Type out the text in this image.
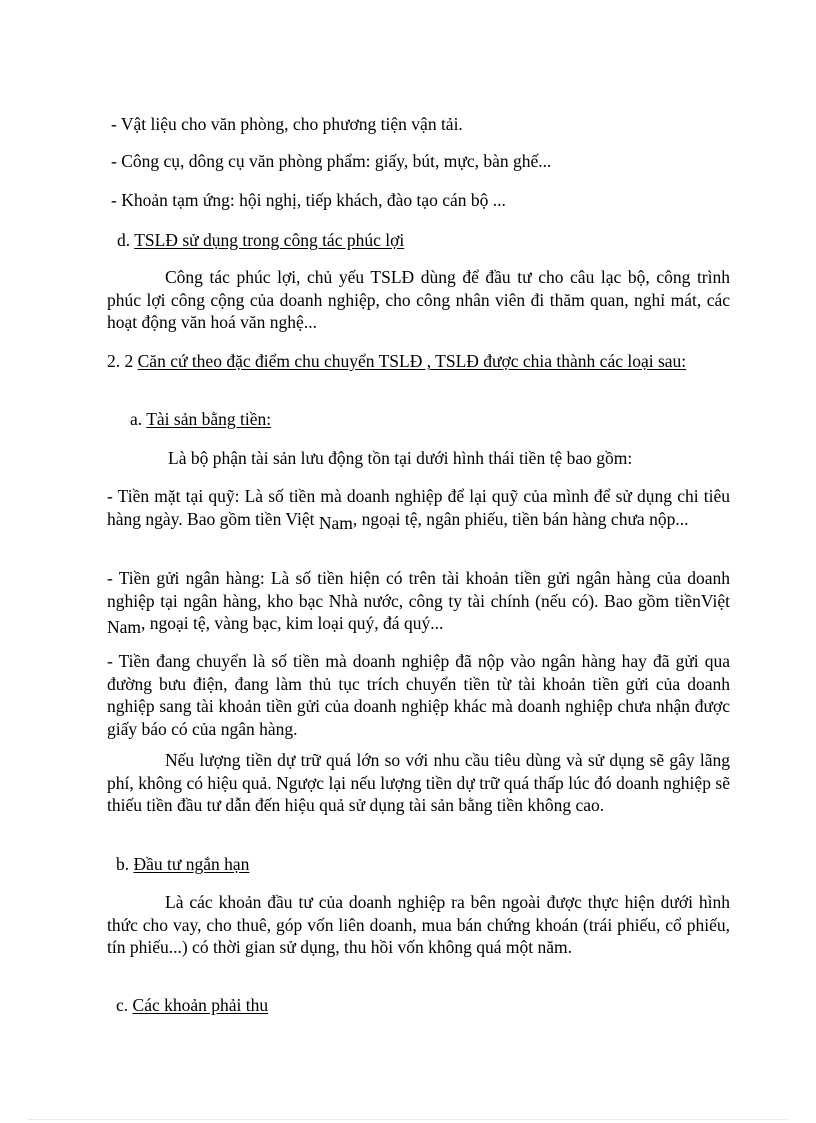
- Vật liệu cho văn phòng, cho phương tiện vận tải.
- Công cụ, dông cụ văn phòng phẩm: giấy, bút, mực, bàn ghế...
- Khoản tạm ứng: hội nghị, tiếp khách, đào tạo cán bộ ...
d. TSLĐ sử dụng trong công tác phúc lợi
Công tác phúc lợi, chủ yếu TSLĐ dùng để đầu tư cho câu lạc bộ, công trình phúc lợi công cộng của doanh nghiệp, cho công nhân viên đi thăm quan, nghỉ mát, các hoạt động văn hoá văn nghệ...
2. 2 Căn cứ theo đặc điểm chu chuyển TSLĐ , TSLĐ được chia thành các loại sau:
a. Tài sản bằng tiền:
Là bộ phận tài sản lưu động tồn tại dưới hình thái tiền tệ bao gồm:
- Tiền mặt tại quỹ: Là số tiền mà doanh nghiệp để lại quỹ của mình để sử dụng chi tiêu hàng ngày. Bao gồm tiền Việt Nam, ngoại tệ, ngân phiếu, tiền bán hàng chưa nộp...
- Tiền gửi ngân hàng: Là số tiền hiện có trên tài khoản tiền gửi ngân hàng của doanh nghiệp tại ngân hàng, kho bạc Nhà nước, công ty tài chính (nếu có). Bao gồm tiềnViệt Nam, ngoại tệ, vàng bạc, kim loại quý, đá quý...
- Tiền đang chuyển là số tiền mà doanh nghiệp đã nộp vào ngân hàng hay đã gửi qua đường bưu điện, đang làm thủ tục trích chuyển tiền từ tài khoản tiền gửi của doanh nghiệp sang tài khoản tiền gửi của doanh nghiệp khác mà doanh nghiệp chưa nhận được giấy báo có của ngân hàng.
Nếu lượng tiền dự trữ quá lớn so với nhu cầu tiêu dùng và sử dụng sẽ gây lãng phí, không có hiệu quả. Ngược lại nếu lượng tiền dự trữ quá thấp lúc đó doanh nghiệp sẽ thiếu tiền đầu tư dẫn đến hiệu quả sử dụng tài sản bằng tiền không cao.
b. Đầu tư ngắn hạn
Là các khoản đầu tư của doanh nghiệp ra bên ngoài được thực hiện dưới hình thức cho vay, cho thuê, góp vốn liên doanh, mua bán chứng khoán (trái phiếu, cổ phiếu, tín phiếu...) có thời gian sử dụng, thu hồi vốn không quá một năm.
c. Các khoản phải thu
